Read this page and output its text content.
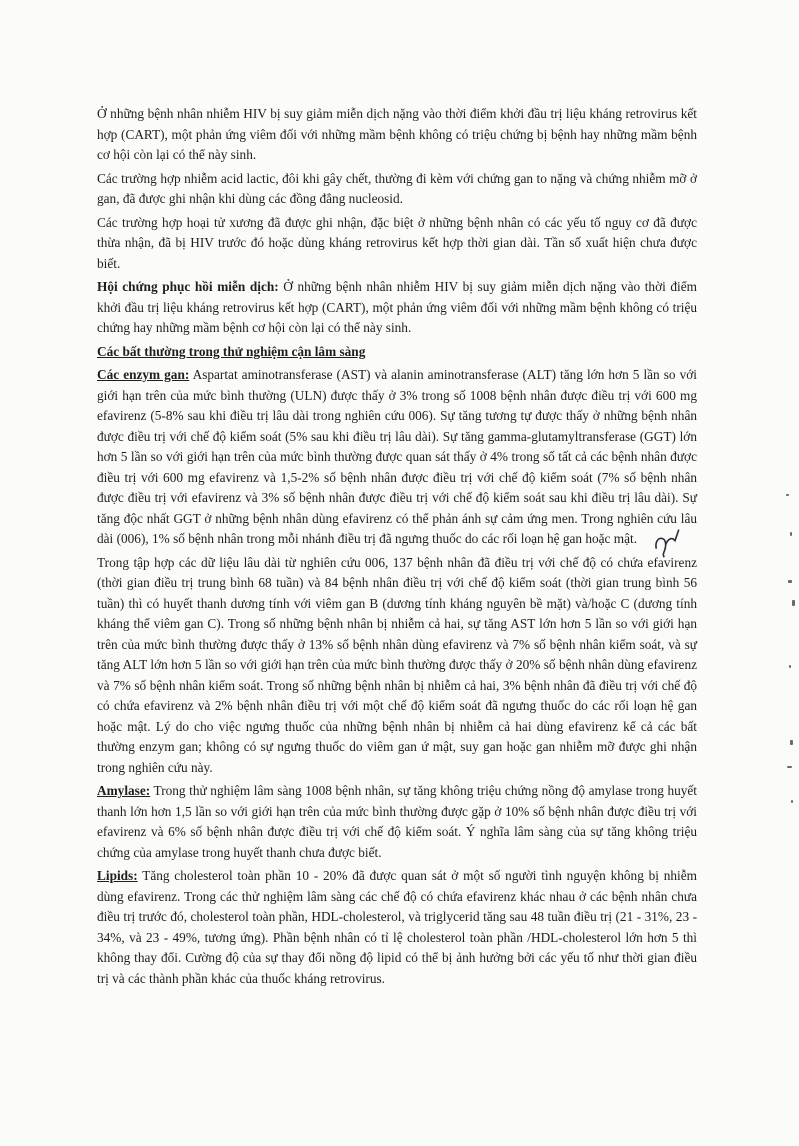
Ở những bệnh nhân nhiễm HIV bị suy giảm miễn dịch nặng vào thời điểm khởi đầu trị liệu kháng retrovirus kết hợp (CART), một phản ứng viêm đối với những mầm bệnh không có triệu chứng bị bệnh hay những mầm bệnh cơ hội còn lại có thể này sinh.

Các trường hợp nhiễm acid lactic, đôi khi gây chết, thường đi kèm với chứng gan to nặng và chứng nhiễm mỡ ở gan, đã được ghi nhận khi dùng các đồng đẳng nucleosid.

Các trường hợp hoại tử xương đã được ghi nhận, đặc biệt ở những bệnh nhân có các yếu tố nguy cơ đã được thừa nhận, đã bị HIV trước đó hoặc dùng kháng retrovirus kết hợp thời gian dài. Tần số xuất hiện chưa được biết.

Hội chứng phục hồi miễn dịch: Ở những bệnh nhân nhiễm HIV bị suy giảm miễn dịch nặng vào thời điểm khởi đầu trị liệu kháng retrovirus kết hợp (CART), một phản ứng viêm đối với những mầm bệnh không có triệu chứng hay những mầm bệnh cơ hội còn lại có thể này sinh.

Các bất thường trong thử nghiệm cận lâm sàng

Các enzym gan: Aspartat aminotransferase (AST) và alanin aminotransferase (ALT) tăng lớn hơn 5 lần so với giới hạn trên của mức bình thường (ULN) được thấy ở 3% trong số 1008 bệnh nhân được điều trị với 600 mg efavirenz (5-8% sau khi điều trị lâu dài trong nghiên cứu 006). Sự tăng tương tự được thấy ở những bệnh nhân được điều trị với chế độ kiểm soát (5% sau khi điều trị lâu dài). Sự tăng gamma-glutamyltransferase (GGT) lớn hơn 5 lần so với giới hạn trên của mức bình thường được quan sát thấy ở 4% trong số tất cả các bệnh nhân được điều trị với 600 mg efavirenz và 1,5-2% số bệnh nhân được điều trị với chế độ kiểm soát (7% số bệnh nhân được điều trị với efavirenz và 3% số bệnh nhân được điều trị với chế độ kiểm soát sau khi điều trị lâu dài). Sự tăng độc nhất GGT ở những bệnh nhân dùng efavirenz có thể phản ánh sự cảm ứng men. Trong nghiên cứu lâu dài (006), 1% số bệnh nhân trong mỗi nhánh điều trị đã ngưng thuốc do các rối loạn hệ gan hoặc mật.

Trong tập hợp các dữ liệu lâu dài từ nghiên cứu 006, 137 bệnh nhân đã điều trị với chế độ có chứa efavirenz (thời gian điều trị trung bình 68 tuần) và 84 bệnh nhân điều trị với chế độ kiểm soát (thời gian trung bình 56 tuần) thì có huyết thanh dương tính với viêm gan B (dương tính kháng nguyên bề mặt) và/hoặc C (dương tính kháng thể viêm gan C). Trong số những bệnh nhân bị nhiễm cả hai, sự tăng AST lớn hơn 5 lần so với giới hạn trên của mức bình thường được thấy ở 13% số bệnh nhân dùng efavirenz và 7% số bệnh nhân kiểm soát, và sự tăng ALT lớn hơn 5 lần so với giới hạn trên của mức bình thường được thấy ở 20% số bệnh nhân dùng efavirenz và 7% số bệnh nhân kiểm soát. Trong số những bệnh nhân bị nhiễm cả hai, 3% bệnh nhân đã điều trị với chế độ có chứa efavirenz và 2% bệnh nhân điều trị với một chế độ kiểm soát đã ngưng thuốc do các rối loạn hệ gan hoặc mật. Lý do cho việc ngưng thuốc của những bệnh nhân bị nhiễm cả hai dùng efavirenz kể cả các bất thường enzym gan; không có sự ngưng thuốc do viêm gan ứ mật, suy gan hoặc gan nhiễm mỡ được ghi nhận trong nghiên cứu này.

Amylase: Trong thử nghiệm lâm sàng 1008 bệnh nhân, sự tăng không triệu chứng nồng độ amylase trong huyết thanh lớn hơn 1,5 lần so với giới hạn trên của mức bình thường được gặp ở 10% số bệnh nhân được điều trị với efavirenz và 6% số bệnh nhân được điều trị với chế độ kiểm soát. Ý nghĩa lâm sàng của sự tăng không triệu chứng của amylase trong huyết thanh chưa được biết.

Lipids: Tăng cholesterol toàn phần 10 - 20% đã được quan sát ở một số người tình nguyện không bị nhiễm dùng efavirenz. Trong các thử nghiệm lâm sàng các chế độ có chứa efavirenz khác nhau ở các bệnh nhân chưa điều trị trước đó, cholesterol toàn phần, HDL-cholesterol, và triglycerid tăng sau 48 tuần điều trị (21 - 31%, 23 - 34%, và 23 - 49%, tương ứng). Phần bệnh nhân có tỉ lệ cholesterol toàn phần /HDL-cholesterol lớn hơn 5 thì không thay đổi. Cường độ của sự thay đổi nồng độ lipid có thể bị ảnh hưởng bởi các yếu tố như thời gian điều trị và các thành phần khác của thuốc kháng retrovirus.
